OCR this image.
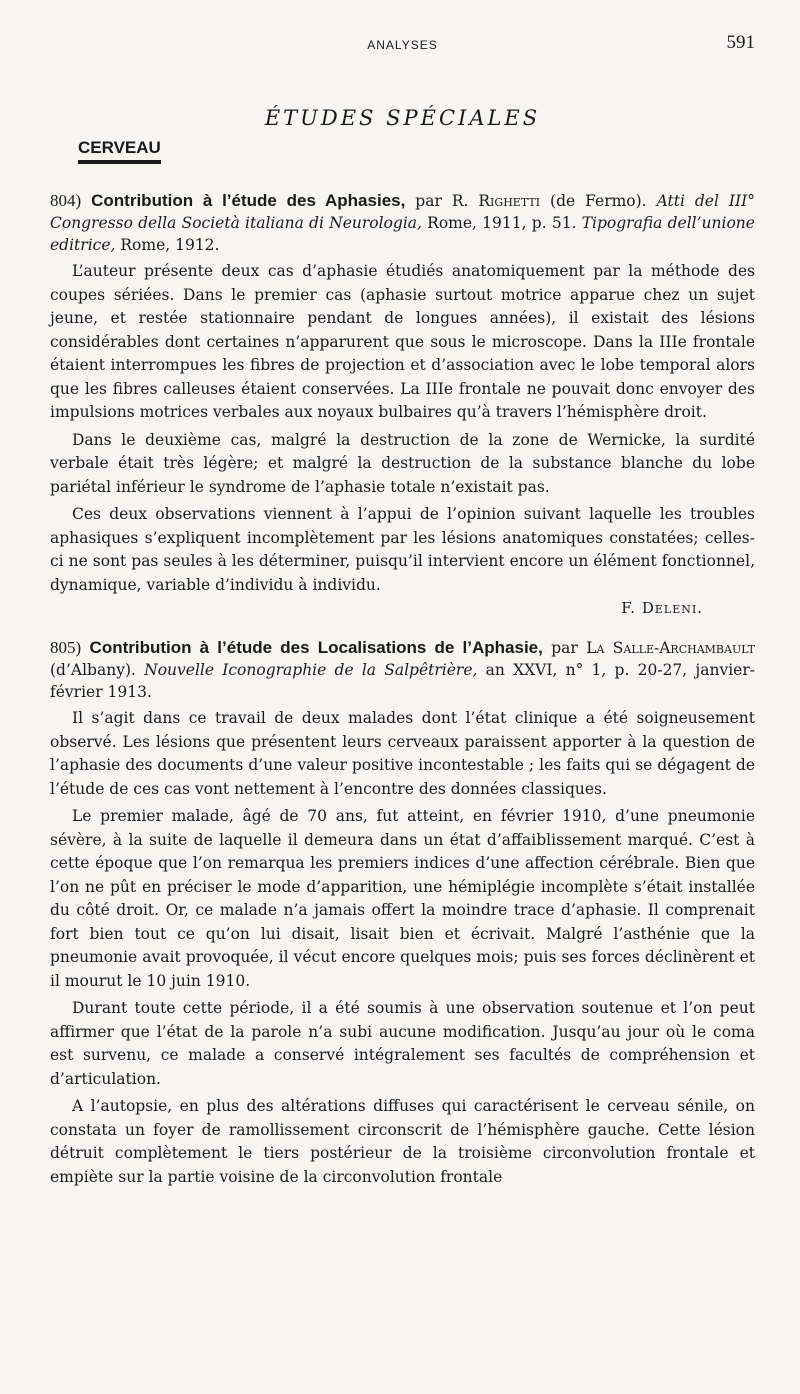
ANALYSES	591
ÉTUDES SPÉCIALES
CERVEAU
804) Contribution à l’étude des Aphasies, par R. Righetti (de Fermo). Atti del III° Congresso della Società italiana di Neurologia, Rome, 1911, p. 51. Tipografia dell’unione editrice, Rome, 1912.

L’auteur présente deux cas d’aphasie étudiés anatomiquement par la méthode des coupes sériées. Dans le premier cas (aphasie surtout motrice apparue chez un sujet jeune, et restée stationnaire pendant de longues années), il existait des lésions considérables dont certaines n’apparurent que sous le microscope. Dans la IIIe frontale étaient interrompues les fibres de projection et d’association avec le lobe temporal alors que les fibres calleuses étaient conservées. La IIIe frontale ne pouvait donc envoyer des impulsions motrices verbales aux noyaux bulbaires qu’à travers l’hémisphère droit.

Dans le deuxième cas, malgré la destruction de la zone de Wernicke, la surdité verbale était très légère; et malgré la destruction de la substance blanche du lobe pariétal inférieur le syndrome de l’aphasie totale n’existait pas.

Ces deux observations viennent à l’appui de l’opinion suivant laquelle les troubles aphasiques s’expliquent incomplètement par les lésions anatomiques constatées; celles-ci ne sont pas seules à les déterminer, puisqu’il intervient encore un élément fonctionnel, dynamique, variable d’individu à individu.

F. Deleni.
805) Contribution à l’étude des Localisations de l’Aphasie, par La Salle-Archambault (d’Albany). Nouvelle Iconographie de la Salpêtrière, an XXVI, n° 1, p. 20-27, janvier-février 1913.

Il s’agit dans ce travail de deux malades dont l’état clinique a été soigneusement observé. Les lésions que présentent leurs cerveaux paraissent apporter à la question de l’aphasie des documents d’une valeur positive incontestable ; les faits qui se dégagent de l’étude de ces cas vont nettement à l’encontre des données classiques.

Le premier malade, âgé de 70 ans, fut atteint, en février 1910, d’une pneumonie sévère, à la suite de laquelle il demeura dans un état d’affaiblissement marqué. C’est à cette époque que l’on remarqua les premiers indices d’une affection cérébrale. Bien que l’on ne pût en préciser le mode d’apparition, une hémiplégie incomplète s’était installée du côté droit. Or, ce malade n’a jamais offert la moindre trace d’aphasie. Il comprenait fort bien tout ce qu’on lui disait, lisait bien et écrivait. Malgré l’asthénie que la pneumonie avait provoquée, il vécut encore quelques mois; puis ses forces déclinèrent et il mourut le 10 juin 1910.

Durant toute cette période, il a été soumis à une observation soutenue et l’on peut affirmer que l’état de la parole n’a subi aucune modification. Jusqu’au jour où le coma est survenu, ce malade a conservé intégralement ses facultés de compréhension et d’articulation.

A l’autopsie, en plus des altérations diffuses qui caractérisent le cerveau sénile, on constata un foyer de ramollissement circonscrit de l’hémisphère gauche. Cette lésion détruit complètement le tiers postérieur de la troisième circonvolution frontale et empiète sur la partie voisine de la circonvolution frontale
